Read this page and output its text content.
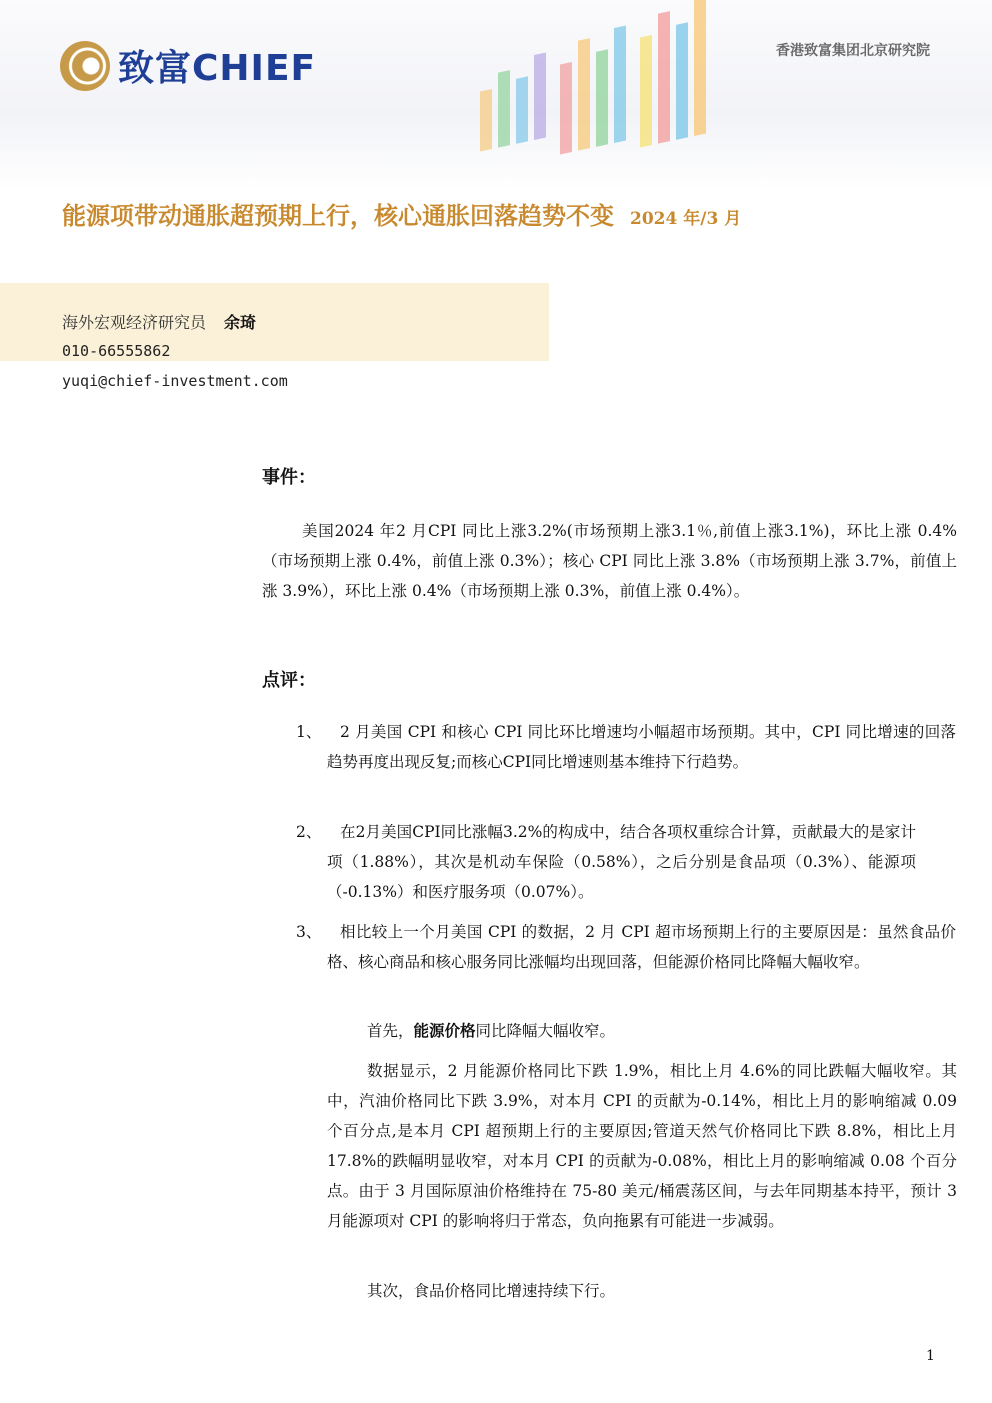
致富CHIEF	香港致富集团北京研究院
能源项带动通胀超预期上行，核心通胀回落趋势不变 2024 年/3 月
海外宏观经济研究员 余琦
010-66555862
yuqi@chief-investment.com
事件：
美国2024 年2 月CPI 同比上涨3.2%(市场预期上涨3.1％,前值上涨3.1%)，环比上涨 0.4%（市场预期上涨 0.4%，前值上涨 0.3%）；核心 CPI 同比上涨 3.8%（市场预期上涨 3.7%，前值上涨 3.9%），环比上涨 0.4%（市场预期上涨 0.3%，前值上涨 0.4%）。
点评：
1、	2 月美国 CPI 和核心 CPI 同比环比增速均小幅超市场预期。其中，CPI 同比增速的回落趋势再度出现反复;而核心CPI同比增速则基本维持下行趋势。
2、	在2月美国CPI同比涨幅3.2%的构成中，结合各项权重综合计算，贡献最大的是家计项（1.88%），其次是机动车保险（0.58%），之后分别是食品项（0.3%）、能源项（-0.13%）和医疗服务项（0.07%）。
3、	相比较上一个月美国 CPI 的数据，2 月 CPI 超市场预期上行的主要原因是：虽然食品价格、核心商品和核心服务同比涨幅均出现回落，但能源价格同比降幅大幅收窄。
首先，能源价格同比降幅大幅收窄。
数据显示，2 月能源价格同比下跌 1.9%，相比上月 4.6%的同比跌幅大幅收窄。其中，汽油价格同比下跌 3.9%，对本月 CPI 的贡献为-0.14%，相比上月的影响缩减 0.09 个百分点,是本月 CPI 超预期上行的主要原因;管道天然气价格同比下跌 8.8%，相比上月 17.8%的跌幅明显收窄，对本月 CPI 的贡献为-0.08%，相比上月的影响缩减 0.08 个百分点。由于 3 月国际原油价格维持在 75-80 美元/桶震荡区间，与去年同期基本持平，预计 3 月能源项对 CPI 的影响将归于常态，负向拖累有可能进一步减弱。
其次，食品价格同比增速持续下行。
1
